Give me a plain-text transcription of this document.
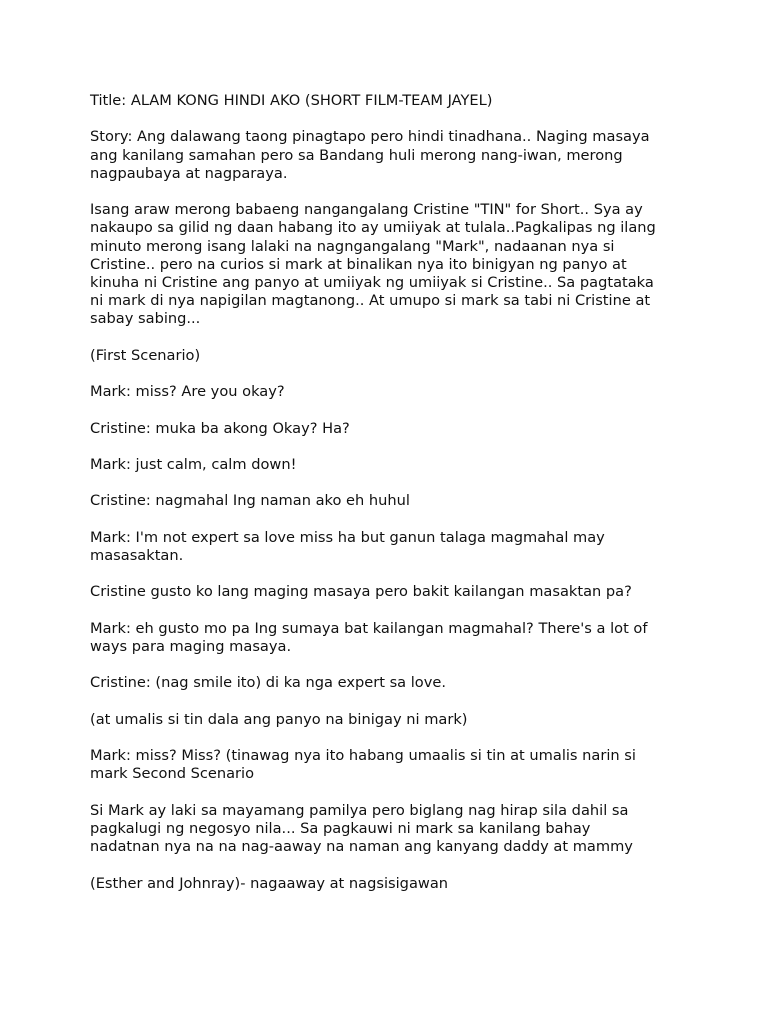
Title: ALAM KONG HINDI AKO (SHORT FILM-TEAM JAYEL)

Story: Ang dalawang taong pinagtapo pero hindi tinadhana.. Naging masaya
ang kanilang samahan pero sa Bandang huli merong nang-iwan, merong
nagpaubaya at nagparaya.

Isang araw merong babaeng nangangalang Cristine "TIN" for Short.. Sya ay
nakaupo sa gilid ng daan habang ito ay umiiyak at tulala..Pagkalipas ng ilang
minuto merong isang lalaki na nagngangalang "Mark", nadaanan nya si
Cristine.. pero na curios si mark at binalikan nya ito binigyan ng panyo at
kinuha ni Cristine ang panyo at umiiyak ng umiiyak si Cristine.. Sa pagtataka
ni mark di nya napigilan magtanong.. At umupo si mark sa tabi ni Cristine at
sabay sabing...

(First Scenario)

Mark: miss? Are you okay?

Cristine: muka ba akong Okay? Ha?

Mark: just calm, calm down!

Cristine: nagmahal Ing naman ako eh huhul

Mark: I'm not expert sa love miss ha but ganun talaga magmahal may
masasaktan.

Cristine gusto ko lang maging masaya pero bakit kailangan masaktan pa?

Mark: eh gusto mo pa Ing sumaya bat kailangan magmahal? There's a lot of
ways para maging masaya.

Cristine: (nag smile ito) di ka nga expert sa love.

(at umalis si tin dala ang panyo na binigay ni mark)

Mark: miss? Miss? (tinawag nya ito habang umaalis si tin at umalis narin si
mark Second Scenario

Si Mark ay laki sa mayamang pamilya pero biglang nag hirap sila dahil sa
pagkalugi ng negosyo nila... Sa pagkauwi ni mark sa kanilang bahay
nadatnan nya na na nag-aaway na naman ang kanyang daddy at mammy

(Esther and Johnray)- nagaaway at nagsisigawan
